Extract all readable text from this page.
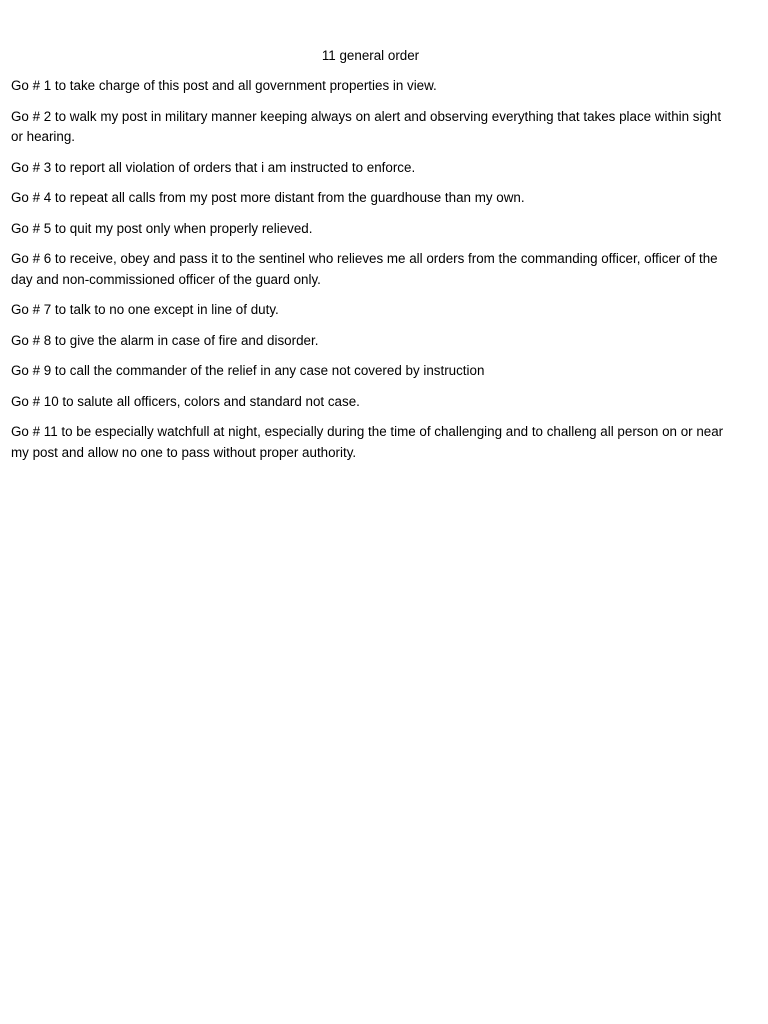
11 general order

Go # 1 to take charge of this post and all government properties in view.

Go # 2 to walk my post in military manner keeping always on alert and observing everything that takes place within sight or hearing.

Go # 3 to report all violation of orders that i am instructed to enforce.

Go # 4 to repeat all calls from my post more distant from the guardhouse than my own.

Go # 5 to quit my post only when properly relieved.

Go # 6 to receive, obey and pass it to the sentinel who relieves me all orders from the commanding officer, officer of the day and non-commissioned officer of the guard only.

Go # 7 to talk to no one except in line of duty.

Go # 8 to give the alarm in case of fire and disorder.

Go # 9 to call the commander of the relief in any case not covered by instruction

Go # 10 to salute all officers, colors and standard not case.

Go # 11 to be especially watchfull at night, especially during the time of challenging and to challeng all person on or near my post and allow no one to pass without proper authority.
